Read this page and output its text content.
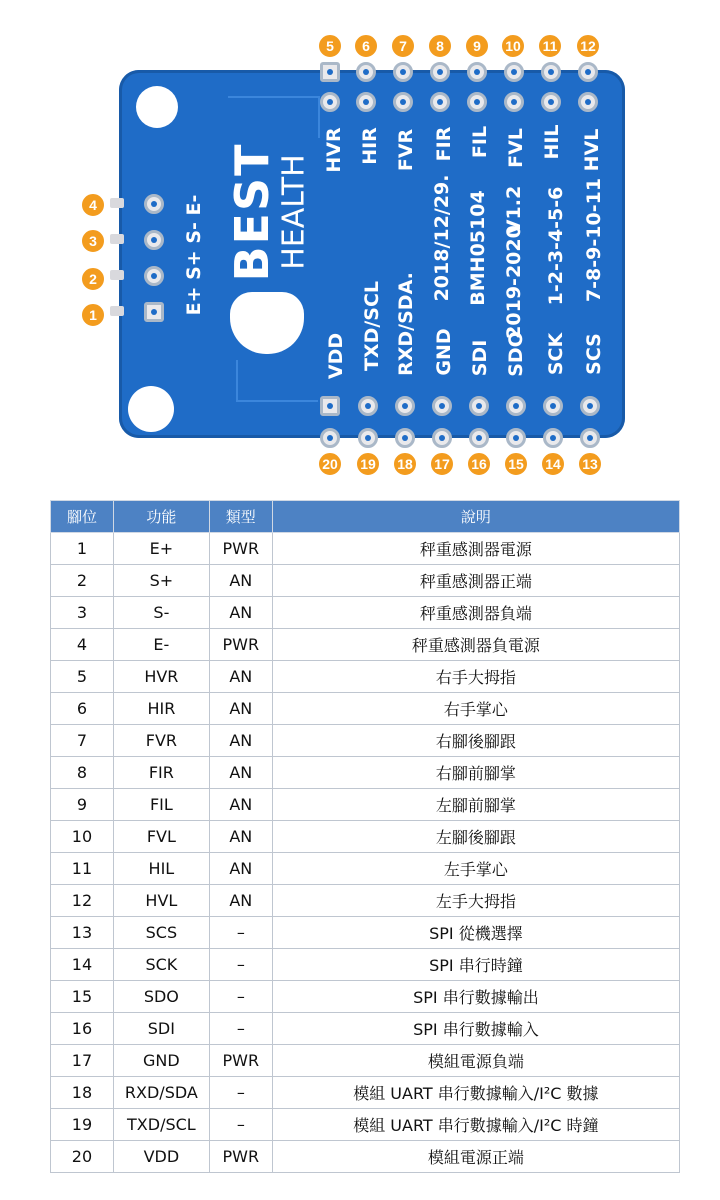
E+ S+ S- E- BEST
HEALTH
HVR HIR FVR FIR FIL FVL HIL HVL
2018/12/29. BMH05104 V1.2
2019-2020 1-2-3-4-5-6 7-8-9-10-11
VDD TXD/SCL RXD/SDA. GND SDI SDO SCK SCS
5	6	7	8	9	10	11	12
20	19	18	17	16	15	14	13
4
3
2
1
腳位	功能	類型	說明
1	E+	PWR	秤重感測器電源
2	S+	AN	秤重感測器正端
3	S-	AN	秤重感測器負端
4	E-	PWR	秤重感測器負電源
5	HVR	AN	右手大拇指
6	HIR	AN	右手掌心
7	FVR	AN	右腳後腳跟
8	FIR	AN	右腳前腳掌
9	FIL	AN	左腳前腳掌
10	FVL	AN	左腳後腳跟
11	HIL	AN	左手掌心
12	HVL	AN	左手大拇指
13	SCS	–	SPI 從機選擇
14	SCK	–	SPI 串行時鐘
15	SDO	–	SPI 串行數據輸出
16	SDI	–	SPI 串行數據輸入
17	GND	PWR	模組電源負端
18	RXD/SDA	–	模組 UART 串行數據輸入/I²C 數據
19	TXD/SCL	–	模組 UART 串行數據輸入/I²C 時鐘
20	VDD	PWR	模組電源正端
